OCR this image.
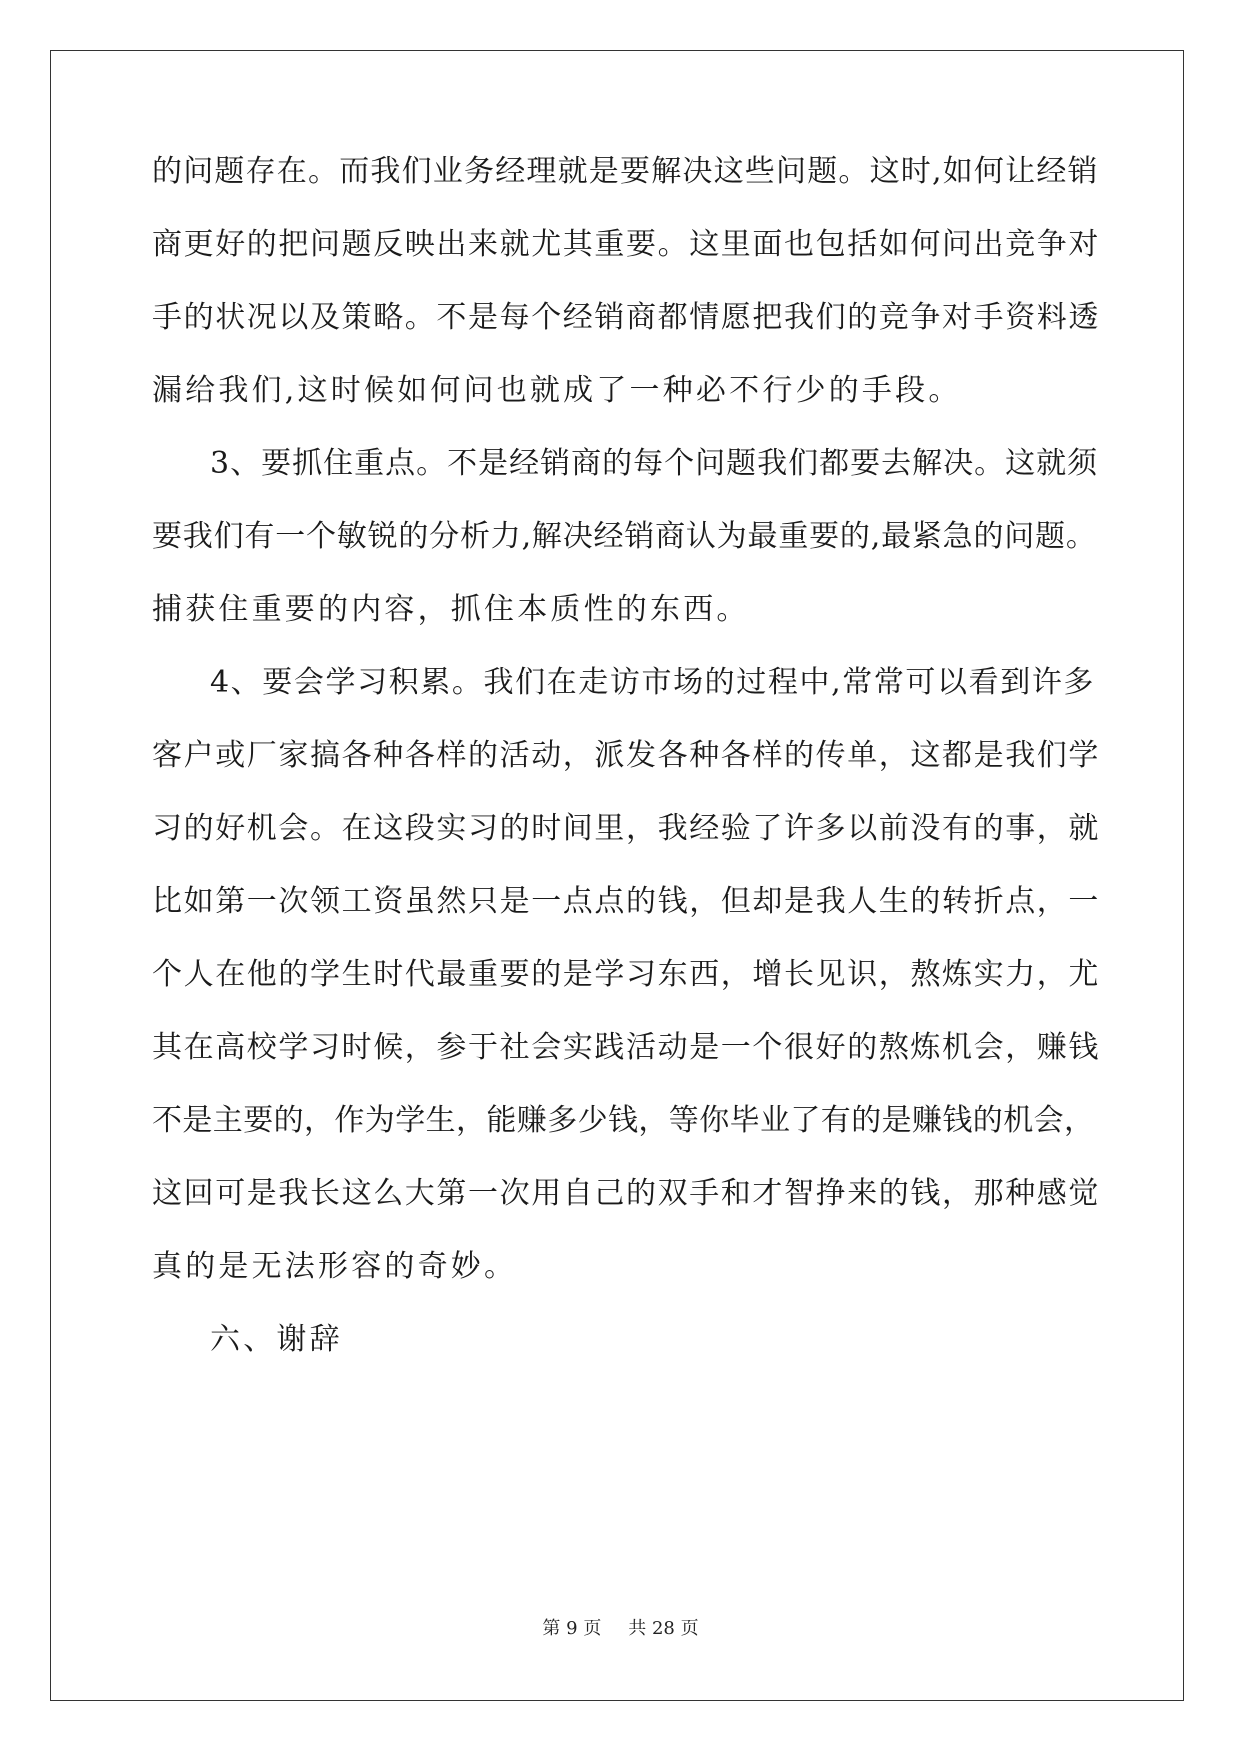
的问题存在。而我们业务经理就是要解决这些问题。这时,如何让经销
商更好的把问题反映出来就尤其重要。这里面也包括如何问出竞争对
手的状况以及策略。不是每个经销商都情愿把我们的竞争对手资料透
漏给我们,这时候如何问也就成了一种必不行少的手段。
3、要抓住重点。不是经销商的每个问题我们都要去解决。这就须
要我们有一个敏锐的分析力,解决经销商认为最重要的,最紧急的问题。
捕获住重要的内容，抓住本质性的东西。
4、要会学习积累。我们在走访市场的过程中,常常可以看到许多
客户或厂家搞各种各样的活动，派发各种各样的传单，这都是我们学
习的好机会。在这段实习的时间里，我经验了许多以前没有的事，就
比如第一次领工资虽然只是一点点的钱，但却是我人生的转折点，一
个人在他的学生时代最重要的是学习东西，增长见识，熬炼实力，尤
其在高校学习时候，参于社会实践活动是一个很好的熬炼机会，赚钱
不是主要的，作为学生，能赚多少钱，等你毕业了有的是赚钱的机会，
这回可是我长这么大第一次用自己的双手和才智挣来的钱，那种感觉
真的是无法形容的奇妙。
六、谢辞
第 9 页 共 28 页
